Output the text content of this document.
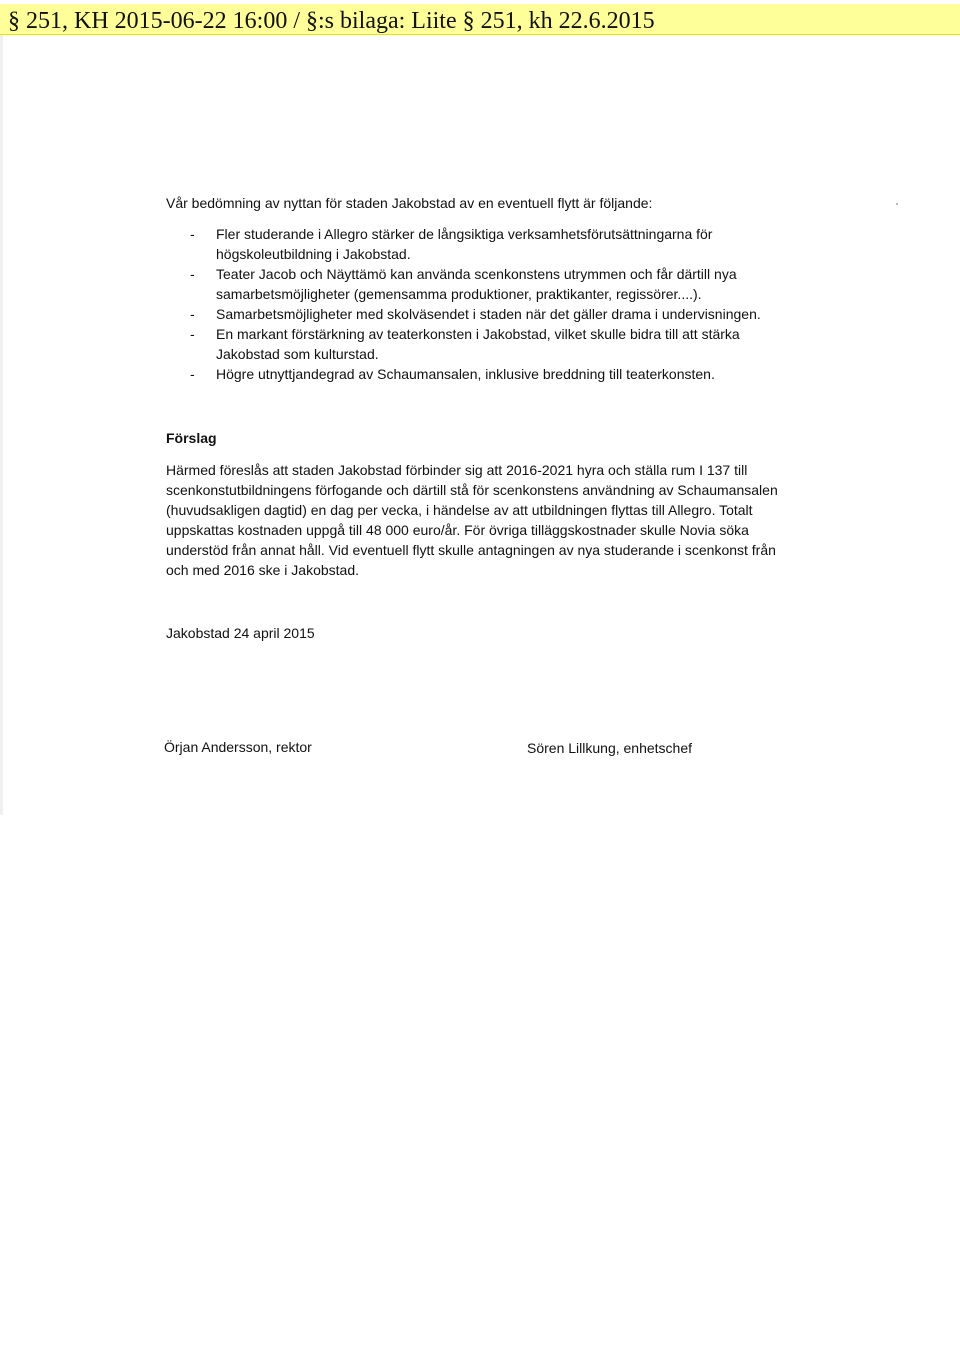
§ 251, KH 2015-06-22 16:00 / §:s bilaga: Liite § 251, kh 22.6.2015
Vår bedömning av nyttan för staden Jakobstad av en eventuell flytt är följande:
- Fler studerande i Allegro stärker de långsiktiga verksamhetsförutsättningarna för
högskoleutbildning i Jakobstad.
- Teater Jacob och Näyttämö kan använda scenkonstens utrymmen och får därtill nya
samarbetsmöjligheter (gemensamma produktioner, praktikanter, regissörer....).
- Samarbetsmöjligheter med skolväsendet i staden när det gäller drama i undervisningen.
- En markant förstärkning av teaterkonsten i Jakobstad, vilket skulle bidra till att stärka
Jakobstad som kulturstad.
- Högre utnyttjandegrad av Schaumansalen, inklusive breddning till teaterkonsten.
Förslag

Härmed föreslås att staden Jakobstad förbinder sig att 2016-2021 hyra och ställa rum I 137 till

scenkonstutbildningens förfogande och därtill stå för scenkonstens användning av Schaumansalen

(huvudsakligen dagtid) en dag per vecka, i händelse av att utbildningen flyttas till Allegro. Totalt

uppskattas kostnaden uppgå till 48 000 euro/år. För övriga tilläggskostnader skulle Novia söka

understöd från annat håll. Vid eventuell flytt skulle antagningen av nya studerande i scenkonst från

och med 2016 ske i Jakobstad.

Jakobstad 24 april 2015
Örjan Andersson, rektor	Sören Lillkung, enhetschef
